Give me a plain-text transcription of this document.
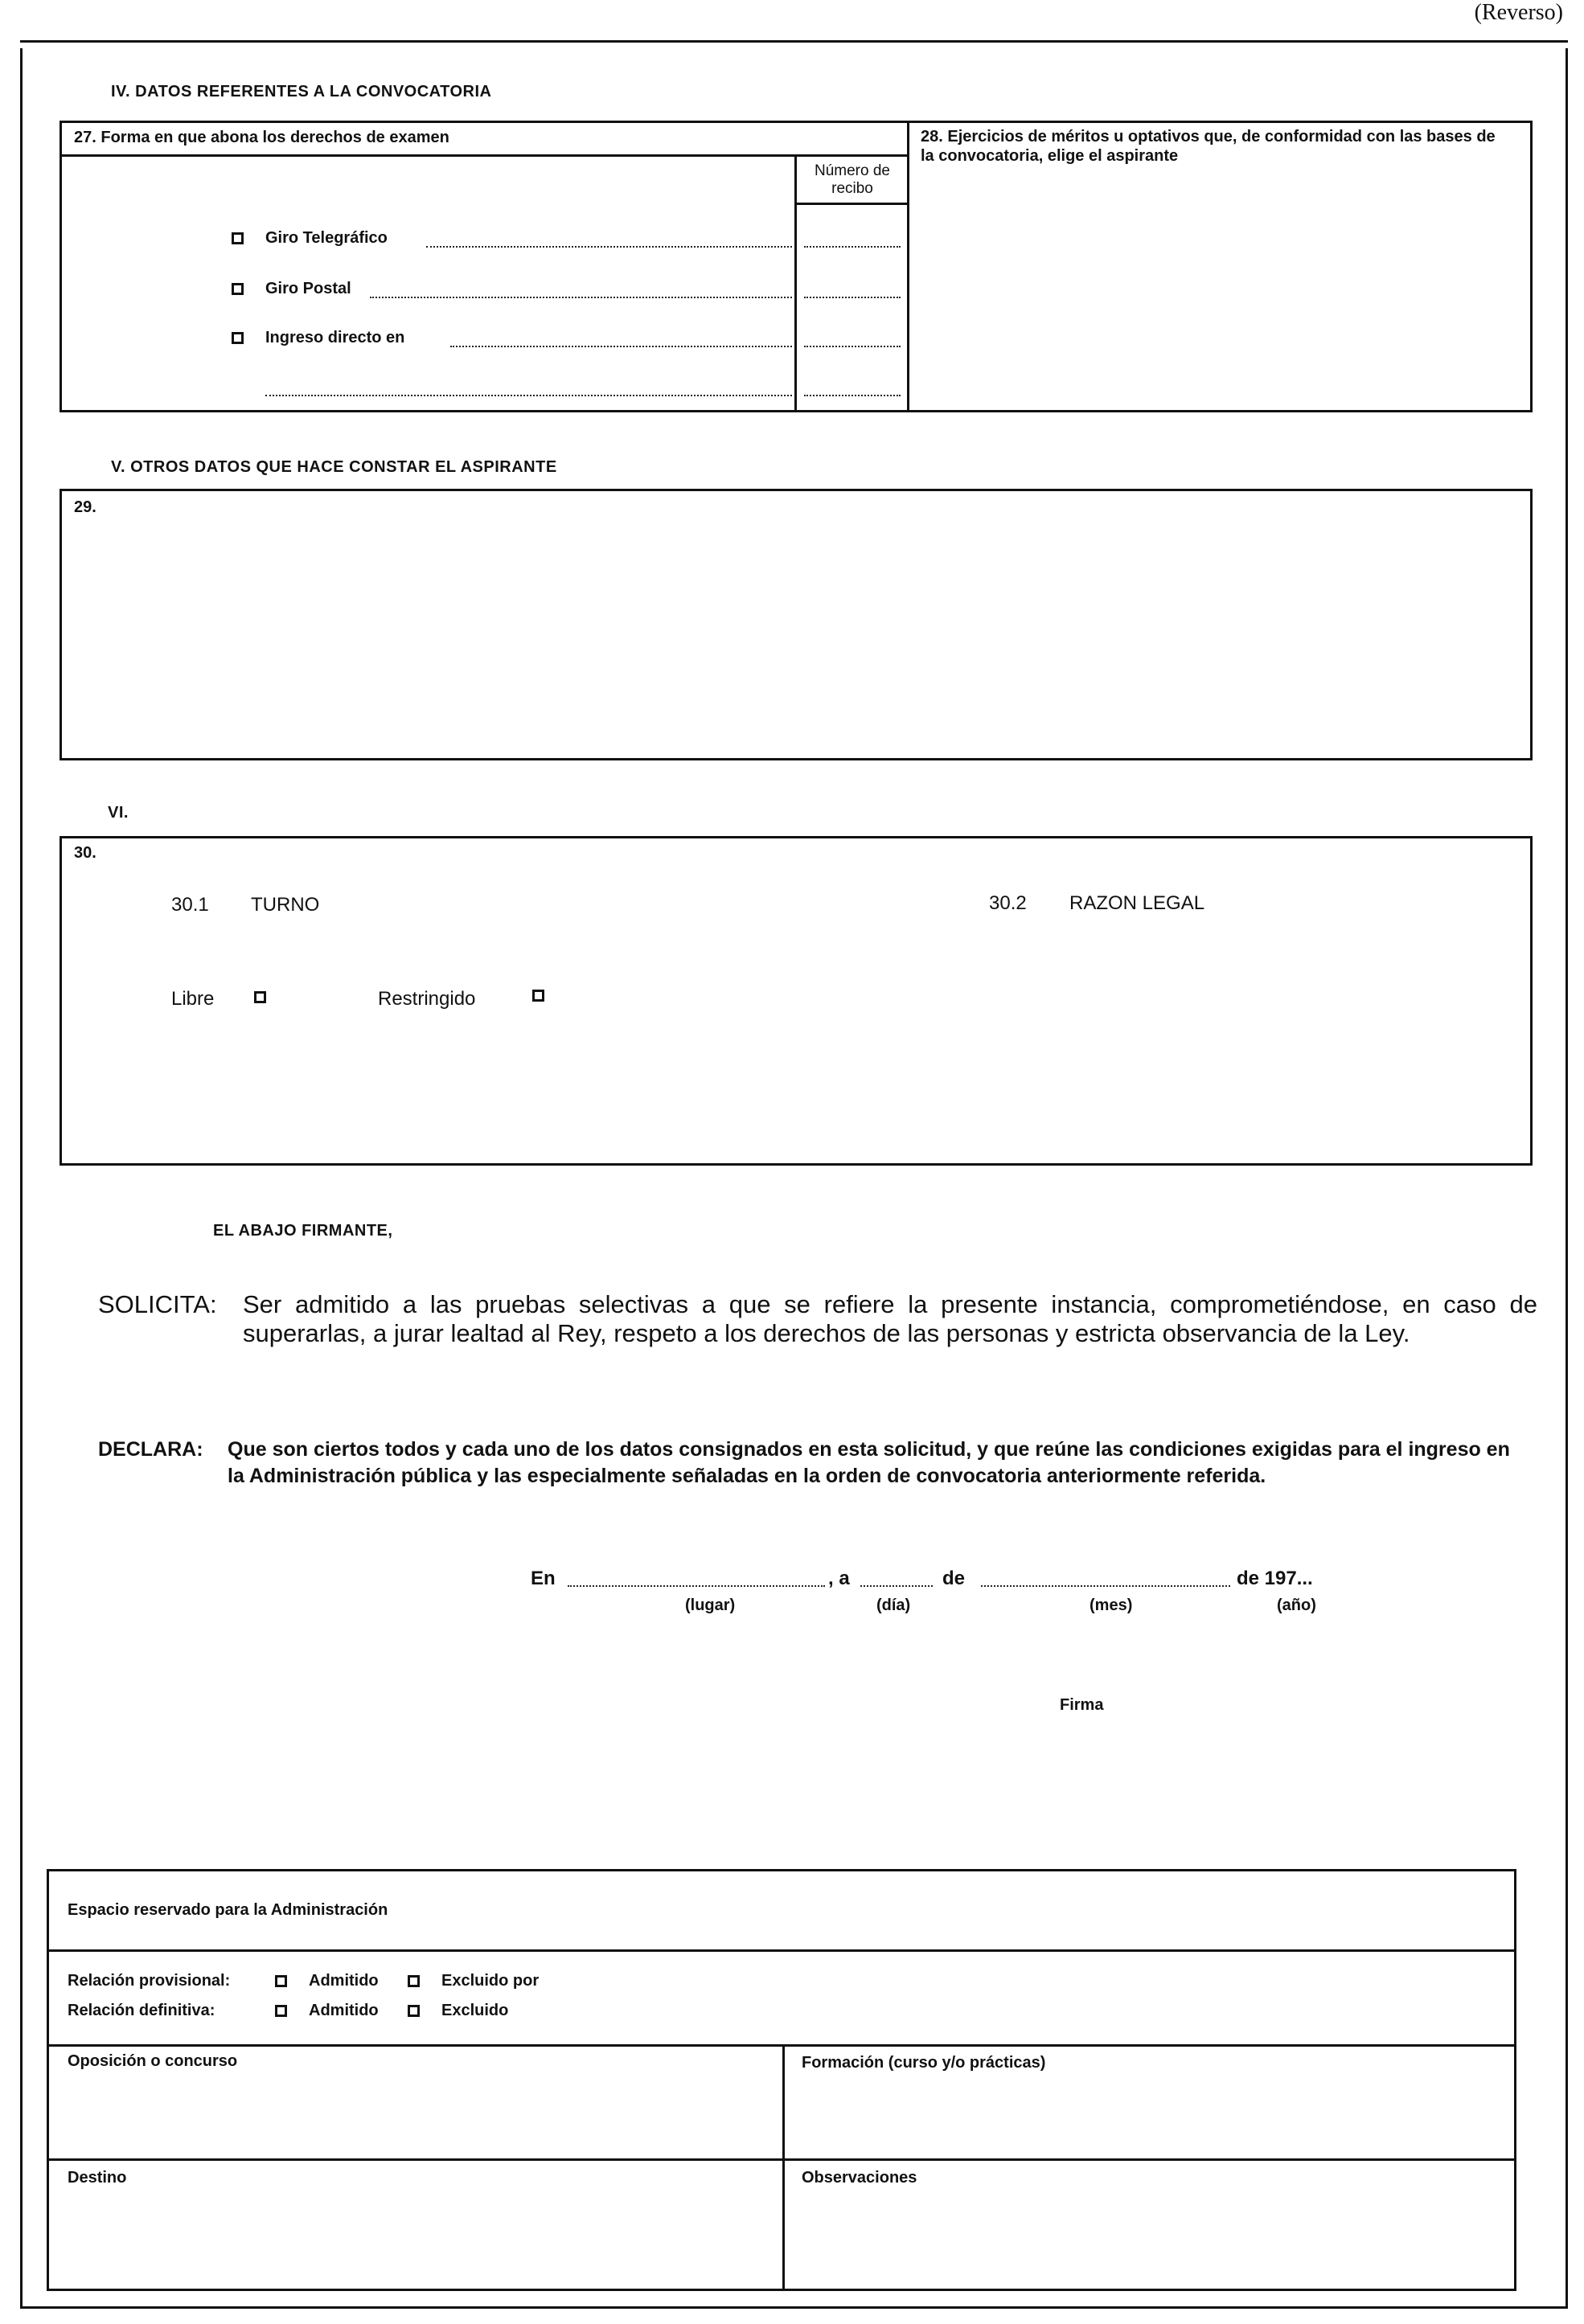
(Reverso)
IV. DATOS REFERENTES A LA CONVOCATORIA
27. Forma en que abona los derechos de examen
Número de recibo
Giro Telegráfico
Giro Postal
Ingreso directo en
28. Ejercicios de méritos u optativos que, de conformidad con las bases de la convocatoria, elige el aspirante
V. OTROS DATOS QUE HACE CONSTAR EL ASPIRANTE
29.
VI.
30.
30.1 TURNO	30.2 RAZON LEGAL
Libre	Restringido
EL ABAJO FIRMANTE,
SOLICITA: Ser admitido a las pruebas selectivas a que se refiere la presente instancia, comprometiéndose, en caso de superarlas, a jurar lealtad al Rey, respeto a los derechos de las personas y estricta observancia de la Ley.
DECLARA: Que son ciertos todos y cada uno de los datos consignados en esta solicitud, y que reúne las condiciones exigidas para el ingreso en la Administración pública y las especialmente señaladas en la orden de convocatoria anteriormente referida.
En	, a	de	de 197...
(lugar)	(día)	(mes)	(año)
Firma
Espacio reservado para la Administración
Relación provisional:	Admitido	Excluido por
Relación definitiva:	Admitido	Excluido
Oposición o concurso	Formación (curso y/o prácticas)
Destino	Observaciones
